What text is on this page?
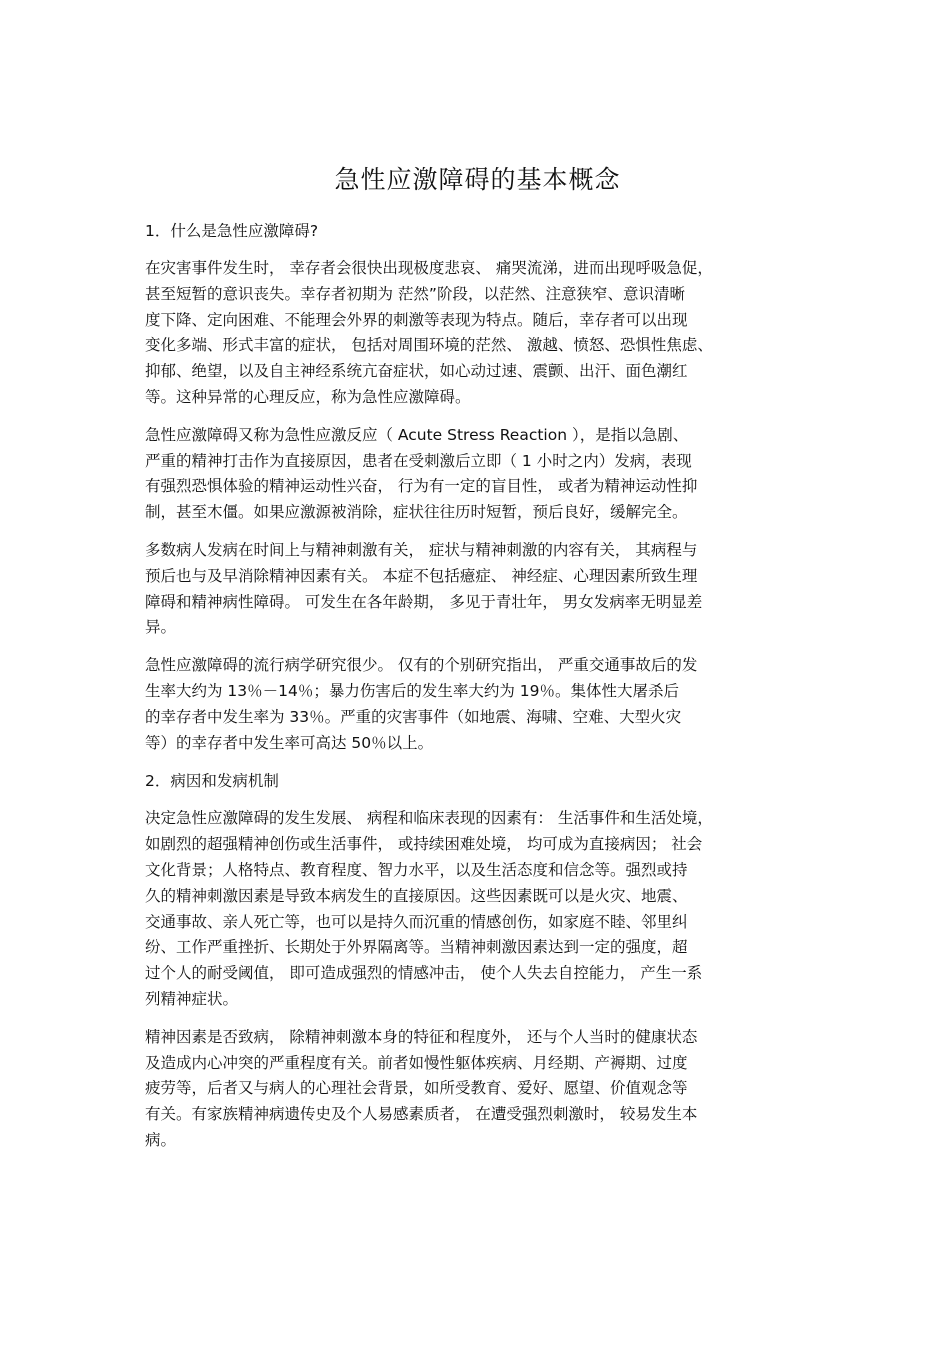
急性应激障碍的基本概念
1．什么是急性应激障碍?
在灾害事件发生时， 幸存者会很快出现极度悲哀、 痛哭流涕，进而出现呼吸急促，
甚至短暂的意识丧失。幸存者初期为 茫然”阶段，以茫然、注意狭窄、意识清晰
度下降、定向困难、不能理会外界的刺激等表现为特点。随后，幸存者可以出现
变化多端、形式丰富的症状， 包括对周围环境的茫然、 激越、愤怒、恐惧性焦虑、
抑郁、绝望，以及自主神经系统亢奋症状，如心动过速、震颤、出汗、面色潮红
等。这种异常的心理反应，称为急性应激障碍。
急性应激障碍又称为急性应激反应（ Acute Stress Reaction ），是指以急剧、
严重的精神打击作为直接原因，患者在受刺激后立即（ 1 小时之内）发病，表现
有强烈恐惧体验的精神运动性兴奋， 行为有一定的盲目性， 或者为精神运动性抑
制，甚至木僵。如果应激源被消除，症状往往历时短暂，预后良好，缓解完全。
多数病人发病在时间上与精神刺激有关， 症状与精神刺激的内容有关， 其病程与
预后也与及早消除精神因素有关。 本症不包括癔症、 神经症、心理因素所致生理
障碍和精神病性障碍。 可发生在各年龄期， 多见于青壮年， 男女发病率无明显差
异。
急性应激障碍的流行病学研究很少。 仅有的个别研究指出， 严重交通事故后的发
生率大约为 13％－14％；暴力伤害后的发生率大约为 19％。集体性大屠杀后
的幸存者中发生率为 33％。严重的灾害事件（如地震、海啸、空难、大型火灾
等）的幸存者中发生率可高达 50％以上。
2．病因和发病机制
决定急性应激障碍的发生发展、 病程和临床表现的因素有： 生活事件和生活处境，
如剧烈的超强精神创伤或生活事件， 或持续困难处境， 均可成为直接病因； 社会
文化背景；人格特点、教育程度、智力水平，以及生活态度和信念等。强烈或持
久的精神刺激因素是导致本病发生的直接原因。这些因素既可以是火灾、地震、
交通事故、亲人死亡等，也可以是持久而沉重的情感创伤，如家庭不睦、邻里纠
纷、工作严重挫折、长期处于外界隔离等。当精神刺激因素达到一定的强度，超
过个人的耐受阈值， 即可造成强烈的情感冲击， 使个人失去自控能力， 产生一系
列精神症状。
精神因素是否致病， 除精神刺激本身的特征和程度外， 还与个人当时的健康状态
及造成内心冲突的严重程度有关。前者如慢性躯体疾病、月经期、产褥期、过度
疲劳等，后者又与病人的心理社会背景，如所受教育、爱好、愿望、价值观念等
有关。有家族精神病遗传史及个人易感素质者， 在遭受强烈刺激时， 较易发生本
病。
